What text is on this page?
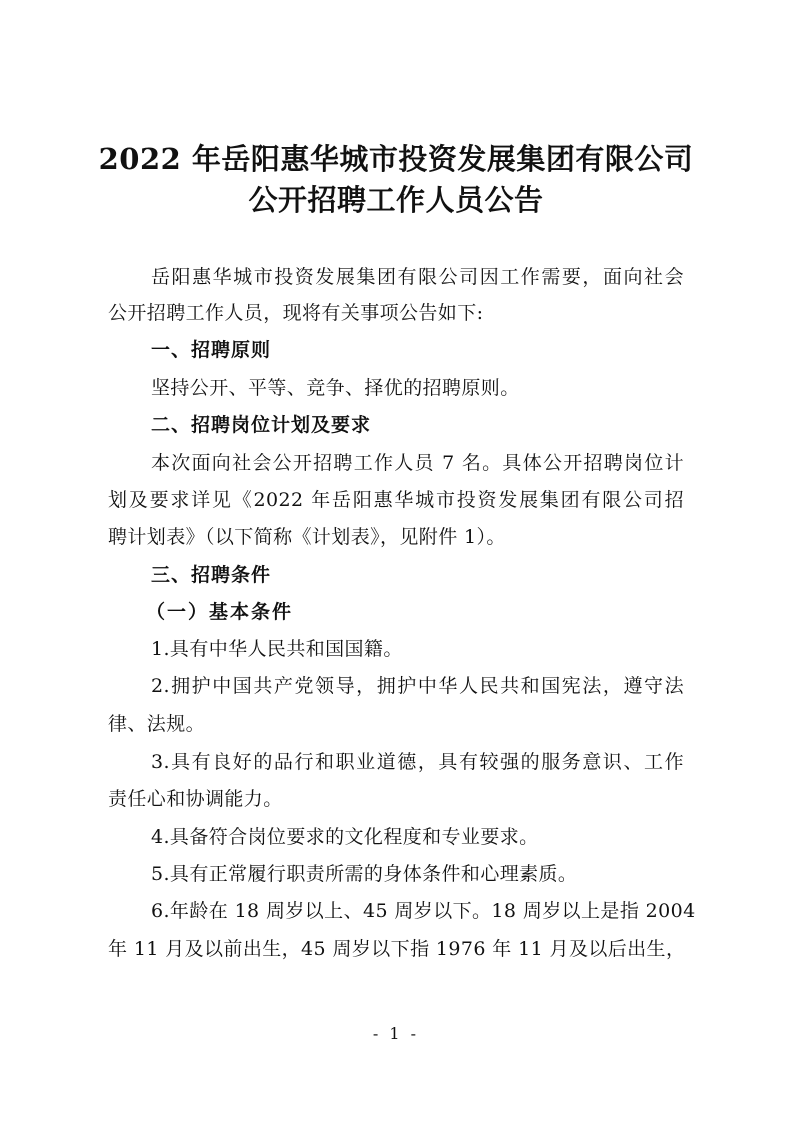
2022 年岳阳惠华城市投资发展集团有限公司
公开招聘工作人员公告
岳阳惠华城市投资发展集团有限公司因工作需要，面向社会
公开招聘工作人员，现将有关事项公告如下:
一、招聘原则
坚持公开、平等、竞争、择优的招聘原则。
二、招聘岗位计划及要求
本次面向社会公开招聘工作人员 7 名。具体公开招聘岗位计
划及要求详见《2022 年岳阳惠华城市投资发展集团有限公司招
聘计划表》（以下简称《计划表》，见附件 1）。
三、招聘条件
（一）基本条件
1.具有中华人民共和国国籍。
2.拥护中国共产党领导，拥护中华人民共和国宪法，遵守法
律、法规。
3.具有良好的品行和职业道德，具有较强的服务意识、工作
责任心和协调能力。
4.具备符合岗位要求的文化程度和专业要求。
5.具有正常履行职责所需的身体条件和心理素质。
6.年龄在 18 周岁以上、45 周岁以下。18 周岁以上是指 2004
年 11 月及以前出生，45 周岁以下指 1976 年 11 月及以后出生，
- 1 -
